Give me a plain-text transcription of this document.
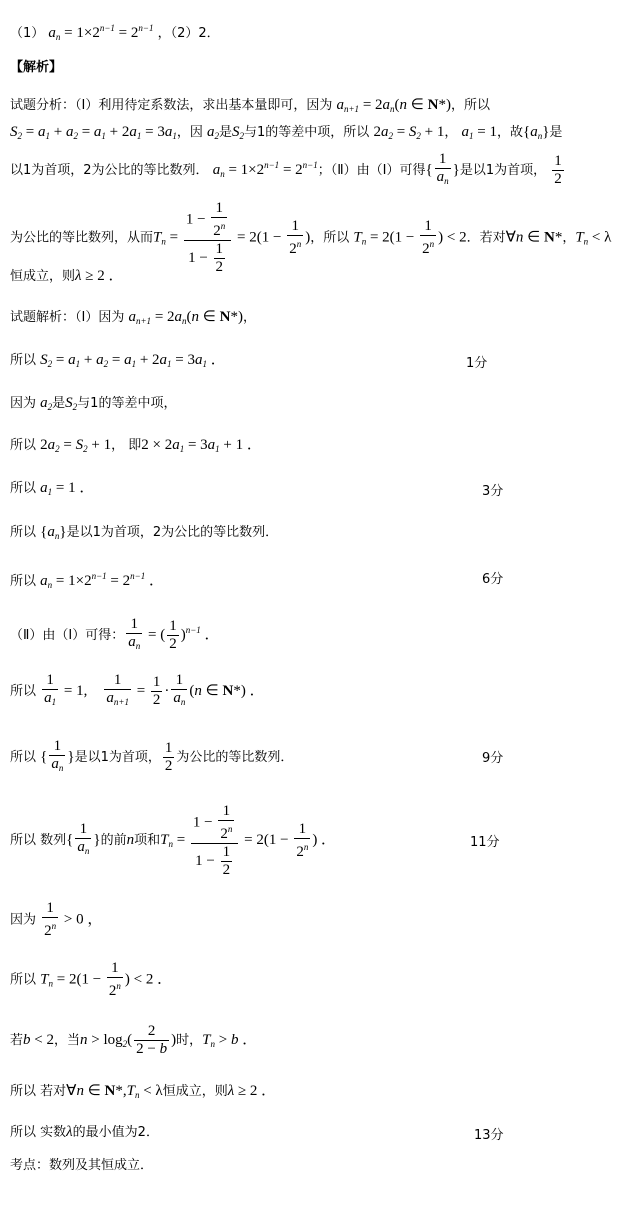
（1） $a_n = 1\times 2^{n-1} = 2^{n-1}$ ，（2）2．
【解析】
试题分析：（Ⅰ）利用待定系数法，求出基本量即可，因为 $a_{n+1} = 2a_n(n$ ∈ N*)，所以
$S_2 = a_1 + a_2 = a_1 + 2a_1 = 3a_1$，因 $a_2$是$S_2$与1的等差中项，所以 $2a_2 = S_2 + 1$， $a_1 = 1$，故$\{a_n\}$是
以1为首项，2为公比的等比数列． $a_n = 1\times 2^{n-1} = 2^{n-1}$；（Ⅱ）由（Ⅰ）可得{ $\frac{1}{a_n}$ }是以1为首项， $\frac{1}{2}$
为公比的等比数列，从而$T_n = \frac{1 - \frac{1}{2^n}}{1 - \frac{1}{2}} = 2(1 - \frac{1}{2^n}$ )，所以 $T_n = 2(1 - \frac{1}{2^n}$ ) < 2．若对∀n ∈ N*，$T_n < \lambda$
恒成立，则λ ≥ 2 ．
试题解析：（Ⅰ）因为 $a_{n+1} = 2a_n(n$ ∈ N*)，
所以 $S_2 = a_1 + a_2 = a_1 + 2a_1 = 3a_1$ ．	1分
因为 $a_2$是$S_2$与1的等差中项，
所以 $2a_2 = S_2 + 1$， 即$2 \times 2a_1 = 3a_1 + 1$ ．
所以 $a_1 = 1$ ．	3分
所以 $\{a_n\}$是以1为首项，2为公比的等比数列．
所以 $a_n = 1\times 2^{n-1} = 2^{n-1}$ ．	6分
（Ⅱ）由（Ⅰ）可得： $\frac{1}{a_n}$ = ( $\frac{1}{2} )^{n-1}$ ．
所以 $\frac{1}{a_1} = 1$, $\frac{1}{a_{n+1}} = \frac{1}{2} \cdot \frac{1}{a_n} (n$ ∈ N*) ．
所以 { $\frac{1}{a_n}$ }是以1为首项， $\frac{1}{2}$ 为公比的等比数列．	9分
所以 数列{ $\frac{1}{a_n}$ }的前n项和$T_n = \frac{1 - \frac{1}{2^n}}{1 - \frac{1}{2}} = 2(1 - \frac{1}{2^n}$ ) ．	11分
因为 $\frac{1}{2^n} > 0$ ，
所以 $T_n = 2(1 - \frac{1}{2^n}$ ) < 2 ．
若b < 2，当$n > \log_2( \frac{2}{2 - b}$ )时，$T_n > b$ ．
所以 若对∀n ∈ $N*,T_n < \lambda$恒成立，则λ ≥ 2 ．
所以 实数λ的最小值为2．	13分
考点：数列及其恒成立．
